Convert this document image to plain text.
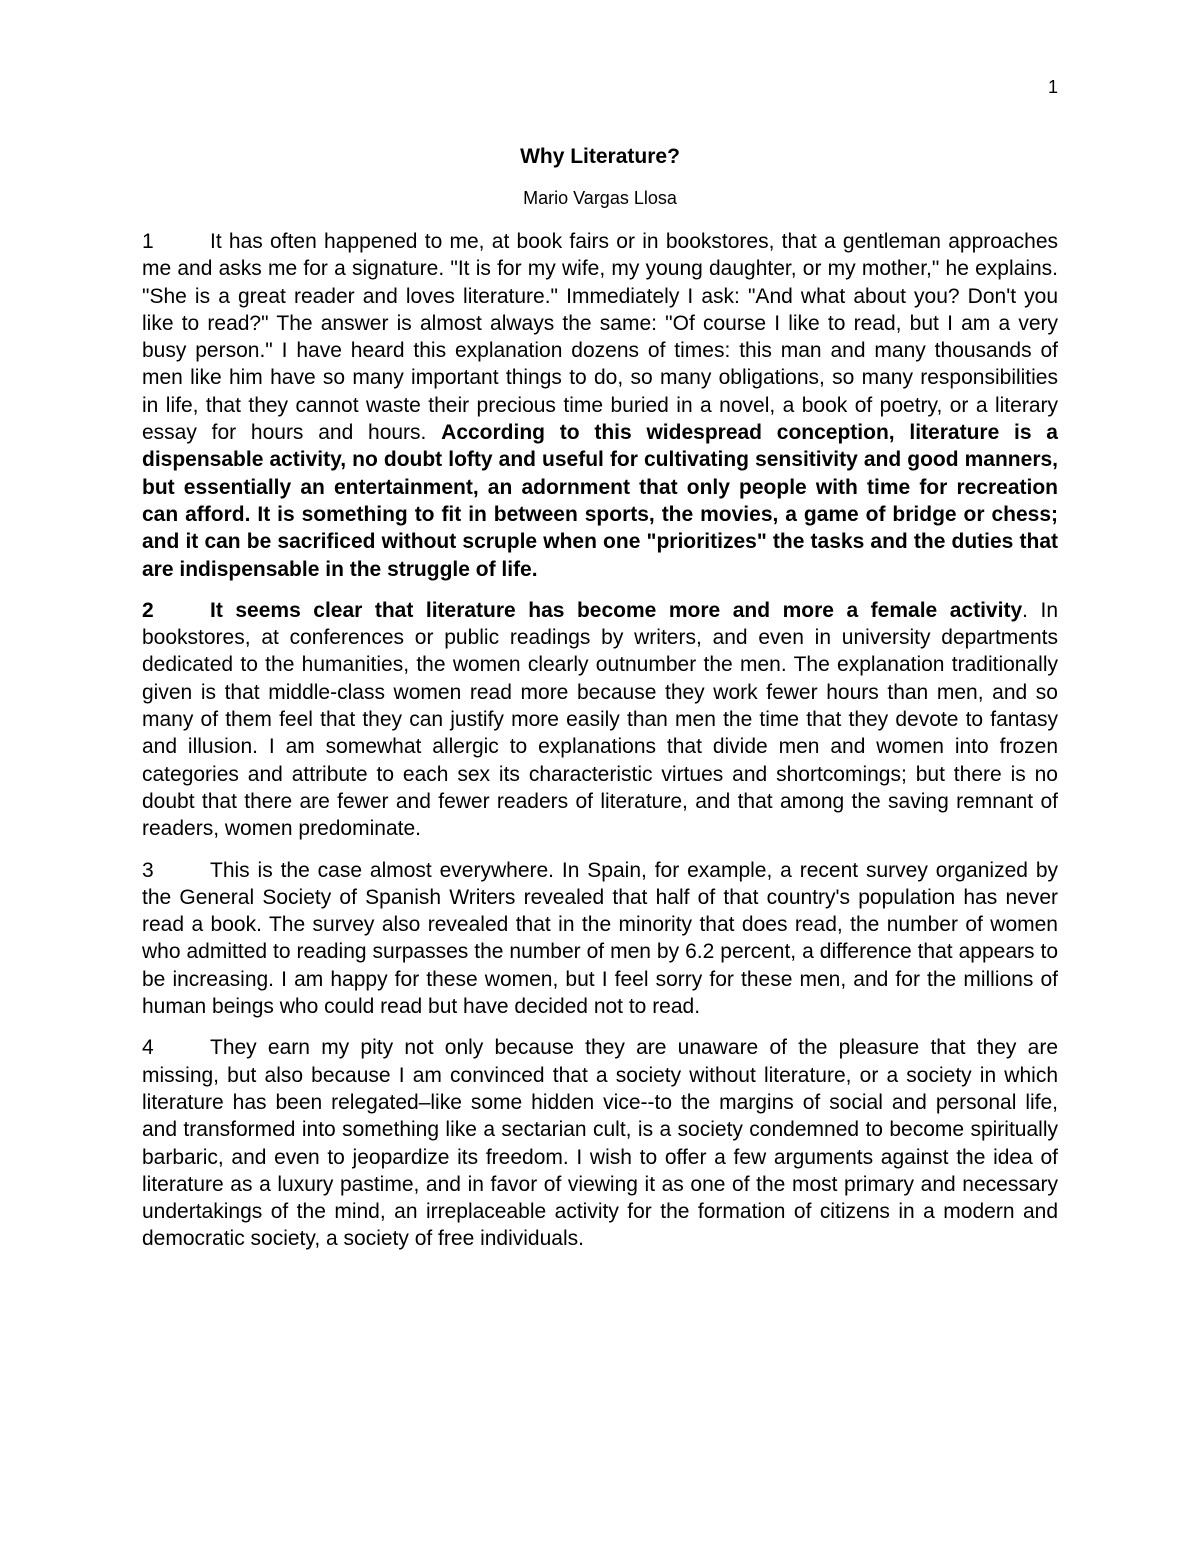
1
Why Literature?
Mario Vargas Llosa

1	It has often happened to me, at book fairs or in bookstores, that a gentleman approaches me and asks me for a signature. "It is for my wife, my young daughter, or my mother," he explains. "She is a great reader and loves literature." Immediately I ask: "And what about you? Don't you like to read?" The answer is almost always the same: "Of course I like to read, but I am a very busy person." I have heard this explanation dozens of times: this man and many thousands of men like him have so many important things to do, so many obligations, so many responsibilities in life, that they cannot waste their precious time buried in a novel, a book of poetry, or a literary essay for hours and hours. According to this widespread conception, literature is a dispensable activity, no doubt lofty and useful for cultivating sensitivity and good manners, but essentially an entertainment, an adornment that only people with time for recreation can afford. It is something to fit in between sports, the movies, a game of bridge or chess; and it can be sacrificed without scruple when one "prioritizes" the tasks and the duties that are indispensable in the struggle of life.

2	It seems clear that literature has become more and more a female activity. In bookstores, at conferences or public readings by writers, and even in university departments dedicated to the humanities, the women clearly outnumber the men. The explanation traditionally given is that middle-class women read more because they work fewer hours than men, and so many of them feel that they can justify more easily than men the time that they devote to fantasy and illusion. I am somewhat allergic to explanations that divide men and women into frozen categories and attribute to each sex its characteristic virtues and shortcomings; but there is no doubt that there are fewer and fewer readers of literature, and that among the saving remnant of readers, women predominate.

3	This is the case almost everywhere. In Spain, for example, a recent survey organized by the General Society of Spanish Writers revealed that half of that country's population has never read a book. The survey also revealed that in the minority that does read, the number of women who admitted to reading surpasses the number of men by 6.2 percent, a difference that appears to be increasing. I am happy for these women, but I feel sorry for these men, and for the millions of human beings who could read but have decided not to read.

4	They earn my pity not only because they are unaware of the pleasure that they are missing, but also because I am convinced that a society without literature, or a society in which literature has been relegated–like some hidden vice--to the margins of social and personal life, and transformed into something like a sectarian cult, is a society condemned to become spiritually barbaric, and even to jeopardize its freedom. I wish to offer a few arguments against the idea of literature as a luxury pastime, and in favor of viewing it as one of the most primary and necessary undertakings of the mind, an irreplaceable activity for the formation of citizens in a modern and democratic society, a society of free individuals.
